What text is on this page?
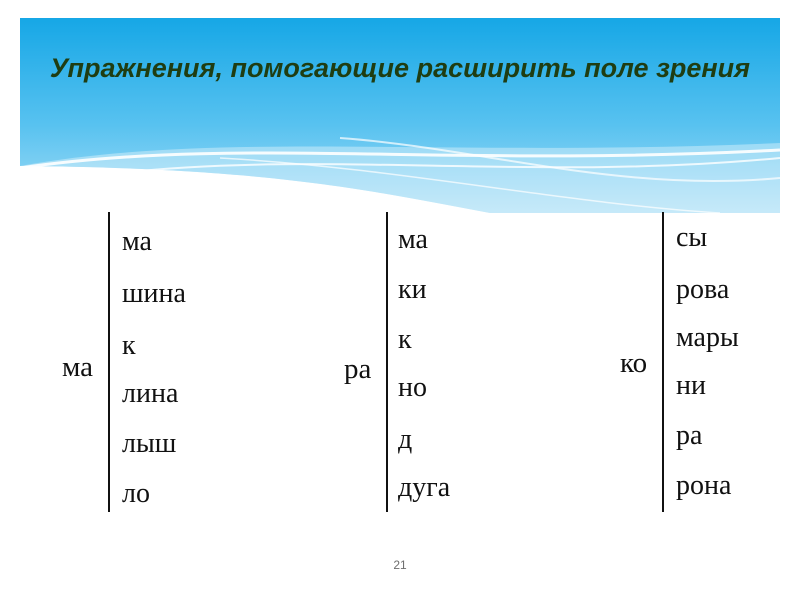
Упражнения, помогающие расширить поле зрения
ма
ма
шина
к
лина
лыш
ло
ра
ма
ки
к
но
д
дуга
ко
сы
рова
мары
ни
ра
рона
21
